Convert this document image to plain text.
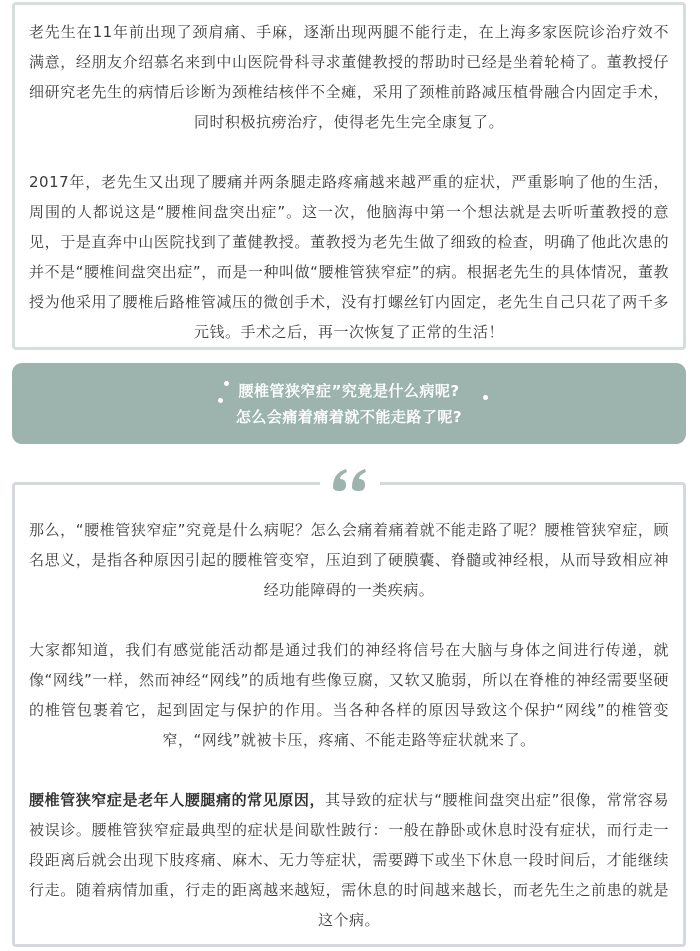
老先生在11年前出现了颈肩痛、手麻，逐渐出现两腿不能行走，在上海多家医院诊治疗效不满意，经朋友介绍慕名来到中山医院骨科寻求董健教授的帮助时已经是坐着轮椅了。董教授仔细研究老先生的病情后诊断为颈椎结核伴不全瘫，采用了颈椎前路减压植骨融合内固定手术，同时积极抗痨治疗，使得老先生完全康复了。

2017年，老先生又出现了腰痛并两条腿走路疼痛越来越严重的症状，严重影响了他的生活，周围的人都说这是“腰椎间盘突出症”。这一次，他脑海中第一个想法就是去听听董教授的意见，于是直奔中山医院找到了董健教授。董教授为老先生做了细致的检查，明确了他此次患的并不是“腰椎间盘突出症”，而是一种叫做“腰椎管狭窄症”的病。根据老先生的具体情况，董教授为他采用了腰椎后路椎管减压的微创手术，没有打螺丝钉内固定，老先生自己只花了两千多元钱。手术之后，再一次恢复了正常的生活！

腰椎管狭窄症”究竟是什么病呢?
怎么会痛着痛着就不能走路了呢?

那么，“腰椎管狭窄症”究竟是什么病呢？怎么会痛着痛着就不能走路了呢？腰椎管狭窄症，顾名思义，是指各种原因引起的腰椎管变窄，压迫到了硬膜囊、脊髓或神经根，从而导致相应神经功能障碍的一类疾病。

大家都知道，我们有感觉能活动都是通过我们的神经将信号在大脑与身体之间进行传递，就像“网线”一样，然而神经“网线”的质地有些像豆腐，又软又脆弱，所以在脊椎的神经需要坚硬的椎管包裹着它，起到固定与保护的作用。当各种各样的原因导致这个保护“网线”的椎管变窄，“网线”就被卡压，疼痛、不能走路等症状就来了。

腰椎管狭窄症是老年人腰腿痛的常见原因，其导致的症状与“腰椎间盘突出症”很像，常常容易被误诊。腰椎管狭窄症最典型的症状是间歇性跛行：一般在静卧或休息时没有症状，而行走一段距离后就会出现下肢疼痛、麻木、无力等症状，需要蹲下或坐下休息一段时间后，才能继续行走。随着病情加重，行走的距离越来越短，需休息的时间越来越长，而老先生之前患的就是这个病。
